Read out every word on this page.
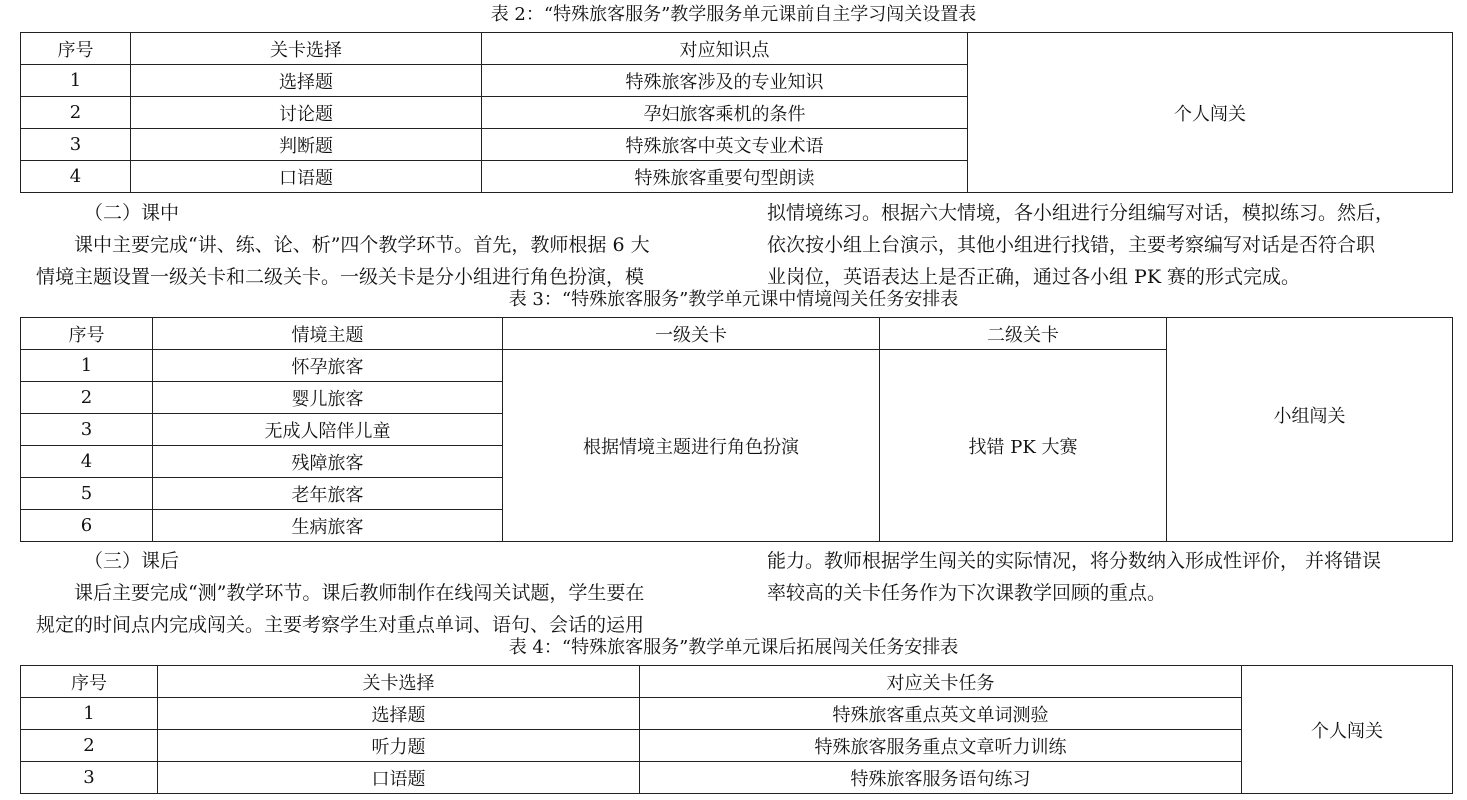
表 2：“特殊旅客服务”教学服务单元课前自主学习闯关设置表
序号	关卡选择	对应知识点	个人闯关
1	选择题	特殊旅客涉及的专业知识	
2	讨论题	孕妇旅客乘机的条件	
3	判断题	特殊旅客中英文专业术语	
4	口语题	特殊旅客重要句型朗读	
（二）课中
课中主要完成“讲、练、论、析”四个教学环节。首先，教师根据 6 大
情境主题设置一级关卡和二级关卡。一级关卡是分小组进行角色扮演，模
拟情境练习。根据六大情境，各小组进行分组编写对话，模拟练习。然后，
依次按小组上台演示，其他小组进行找错，主要考察编写对话是否符合职
业岗位，英语表达上是否正确，通过各小组 PK 赛的形式完成。
表 3：“特殊旅客服务”教学单元课中情境闯关任务安排表
序号	情境主题	一级关卡	二级关卡	小组闯关
1	怀孕旅客	根据情境主题进行角色扮演	找错 PK 大赛	
2	婴儿旅客			
3	无成人陪伴儿童			
4	残障旅客			
5	老年旅客			
6	生病旅客			
（三）课后
课后主要完成“测”教学环节。课后教师制作在线闯关试题，学生要在
规定的时间点内完成闯关。主要考察学生对重点单词、语句、会话的运用
能力。教师根据学生闯关的实际情况，将分数纳入形成性评价， 并将错误
率较高的关卡任务作为下次课教学回顾的重点。
表 4：“特殊旅客服务”教学单元课后拓展闯关任务安排表
序号	关卡选择	对应关卡任务	个人闯关
1	选择题	特殊旅客重点英文单词测验	
2	听力题	特殊旅客服务重点文章听力训练	
3	口语题	特殊旅客服务语句练习	
